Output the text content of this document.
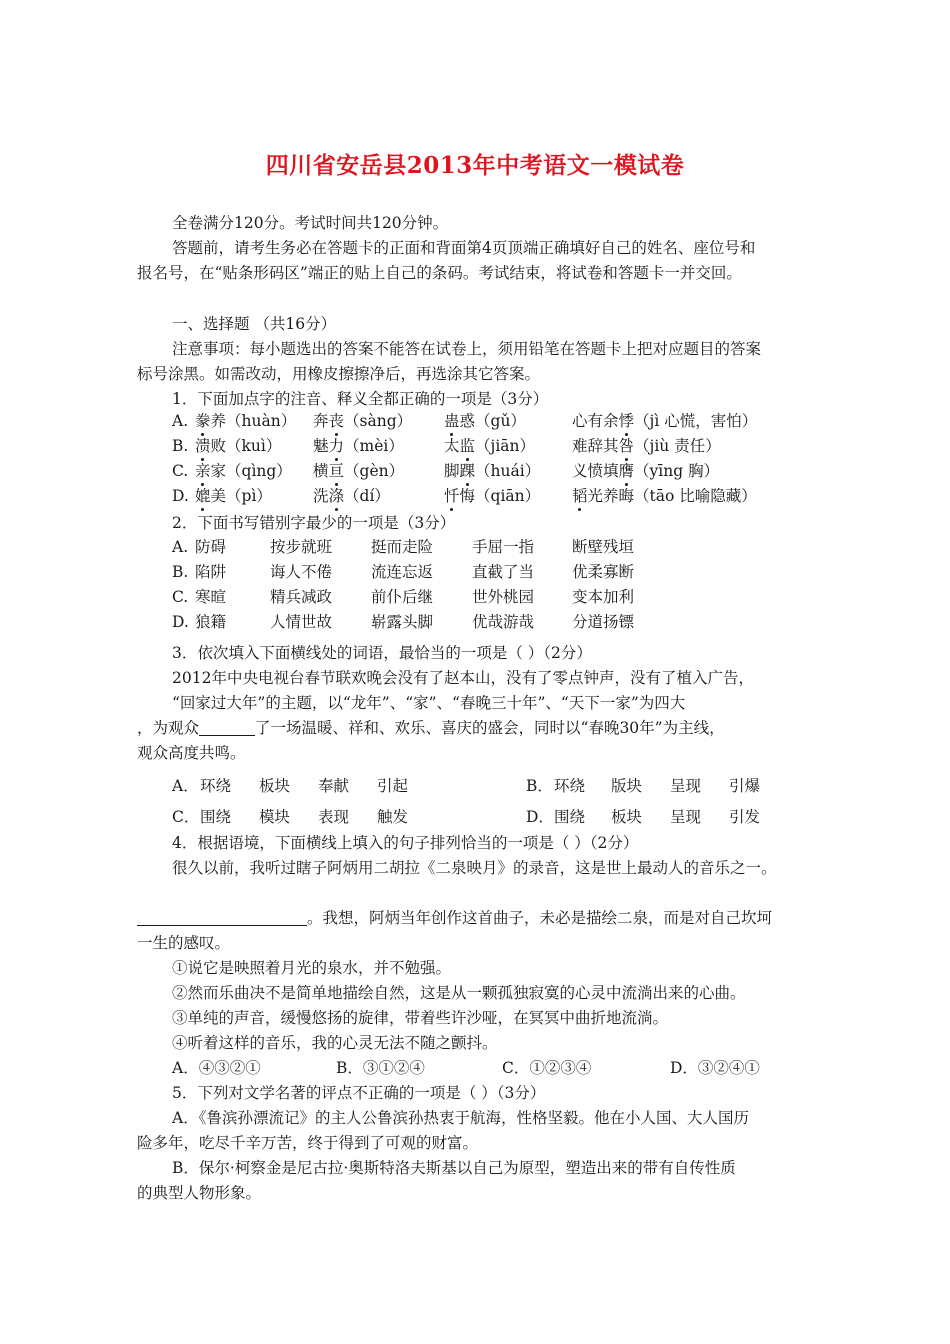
四川省安岳县2013年中考语文一模试卷
全卷满分120分。考试时间共120分钟。
答题前，请考生务必在答题卡的正面和背面第4页顶端正确填好自己的姓名、座位号和
报名号，在“贴条形码区”端正的贴上自己的条码。考试结束，将试卷和答题卡一并交回。
一、选择题 （共16分）
注意事项：每小题选出的答案不能答在试卷上，须用铅笔在答题卡上把对应题目的答案
标号涂黑。如需改动，用橡皮擦擦净后，再选涂其它答案。
1．下面加点字的注音、释义全都正确的一项是（3分）
A. 豢养（huàn） 奔丧（sàng） 蛊惑（gǔ）	心有余悸（jì 心慌，害怕）
B. 溃败（kuì） 魅力（mèi）	太监（jiān） 难辞其咎（jiù 责任）
C. 亲家（qìng） 横亘（gèn）	脚踝（huái） 义愤填膺（yīng 胸）
D. 媲美（pì）	洗涤（dí）	忏悔（qiān） 韬光养晦（tāo 比喻隐藏）
2．下面书写错别字最少的一项是（3分）
A. 防碍	按步就班	挺而走险	手屈一指 断壁残垣
B. 陷阱	诲人不倦	流连忘返	直截了当 优柔寡断
C. 寒暄	精兵减政	前仆后继	世外桃园 变本加利
D. 狼籍	人情世故	崭露头脚	优哉游哉 分道扬镖
3．依次填入下面横线处的词语，最恰当的一项是（ ）（2分）
2012年中央电视台春节联欢晚会没有了赵本山，没有了零点钟声，没有了植入广告，
“回家过大年”的主题，以“龙年”、“家”、“春晚三十年”、“天下一家”为四大
，为观众	了一场温暖、祥和、欢乐、喜庆的盛会，同时以“春晚30年”为主线，
观众高度共鸣。
A． 环绕 板块 奉献 引起	B． 环绕 版块 呈现 引爆
C． 围绕 模块 表现 触发	D． 围绕 板块 呈现 引发
4．根据语境，下面横线上填入的句子排列恰当的一项是（ ）（2分）
很久以前，我听过瞎子阿炳用二胡拉《二泉映月》的录音，这是世上最动人的音乐之一。
。我想，阿炳当年创作这首曲子，未必是描绘二泉，而是对自己坎坷
一生的感叹。
①说它是映照着月光的泉水，并不勉强。
②然而乐曲决不是简单地描绘自然，这是从一颗孤独寂寞的心灵中流淌出来的心曲。
③单纯的声音，缓慢悠扬的旋律，带着些许沙哑，在冥冥中曲折地流淌。
④听着这样的音乐，我的心灵无法不随之颤抖。
A．④③②①	B．③①②④	C．①②③④	D．③②④①
5．下列对文学名著的评点不正确的一项是（ ）（3分）
A．《鲁滨孙漂流记》的主人公鲁滨孙热衷于航海，性格坚毅。他在小人国、大人国历
险多年，吃尽千辛万苦，终于得到了可观的财富。
B．保尔·柯察金是尼古拉·奥斯特洛夫斯基以自己为原型，塑造出来的带有自传性质
的典型人物形象。
